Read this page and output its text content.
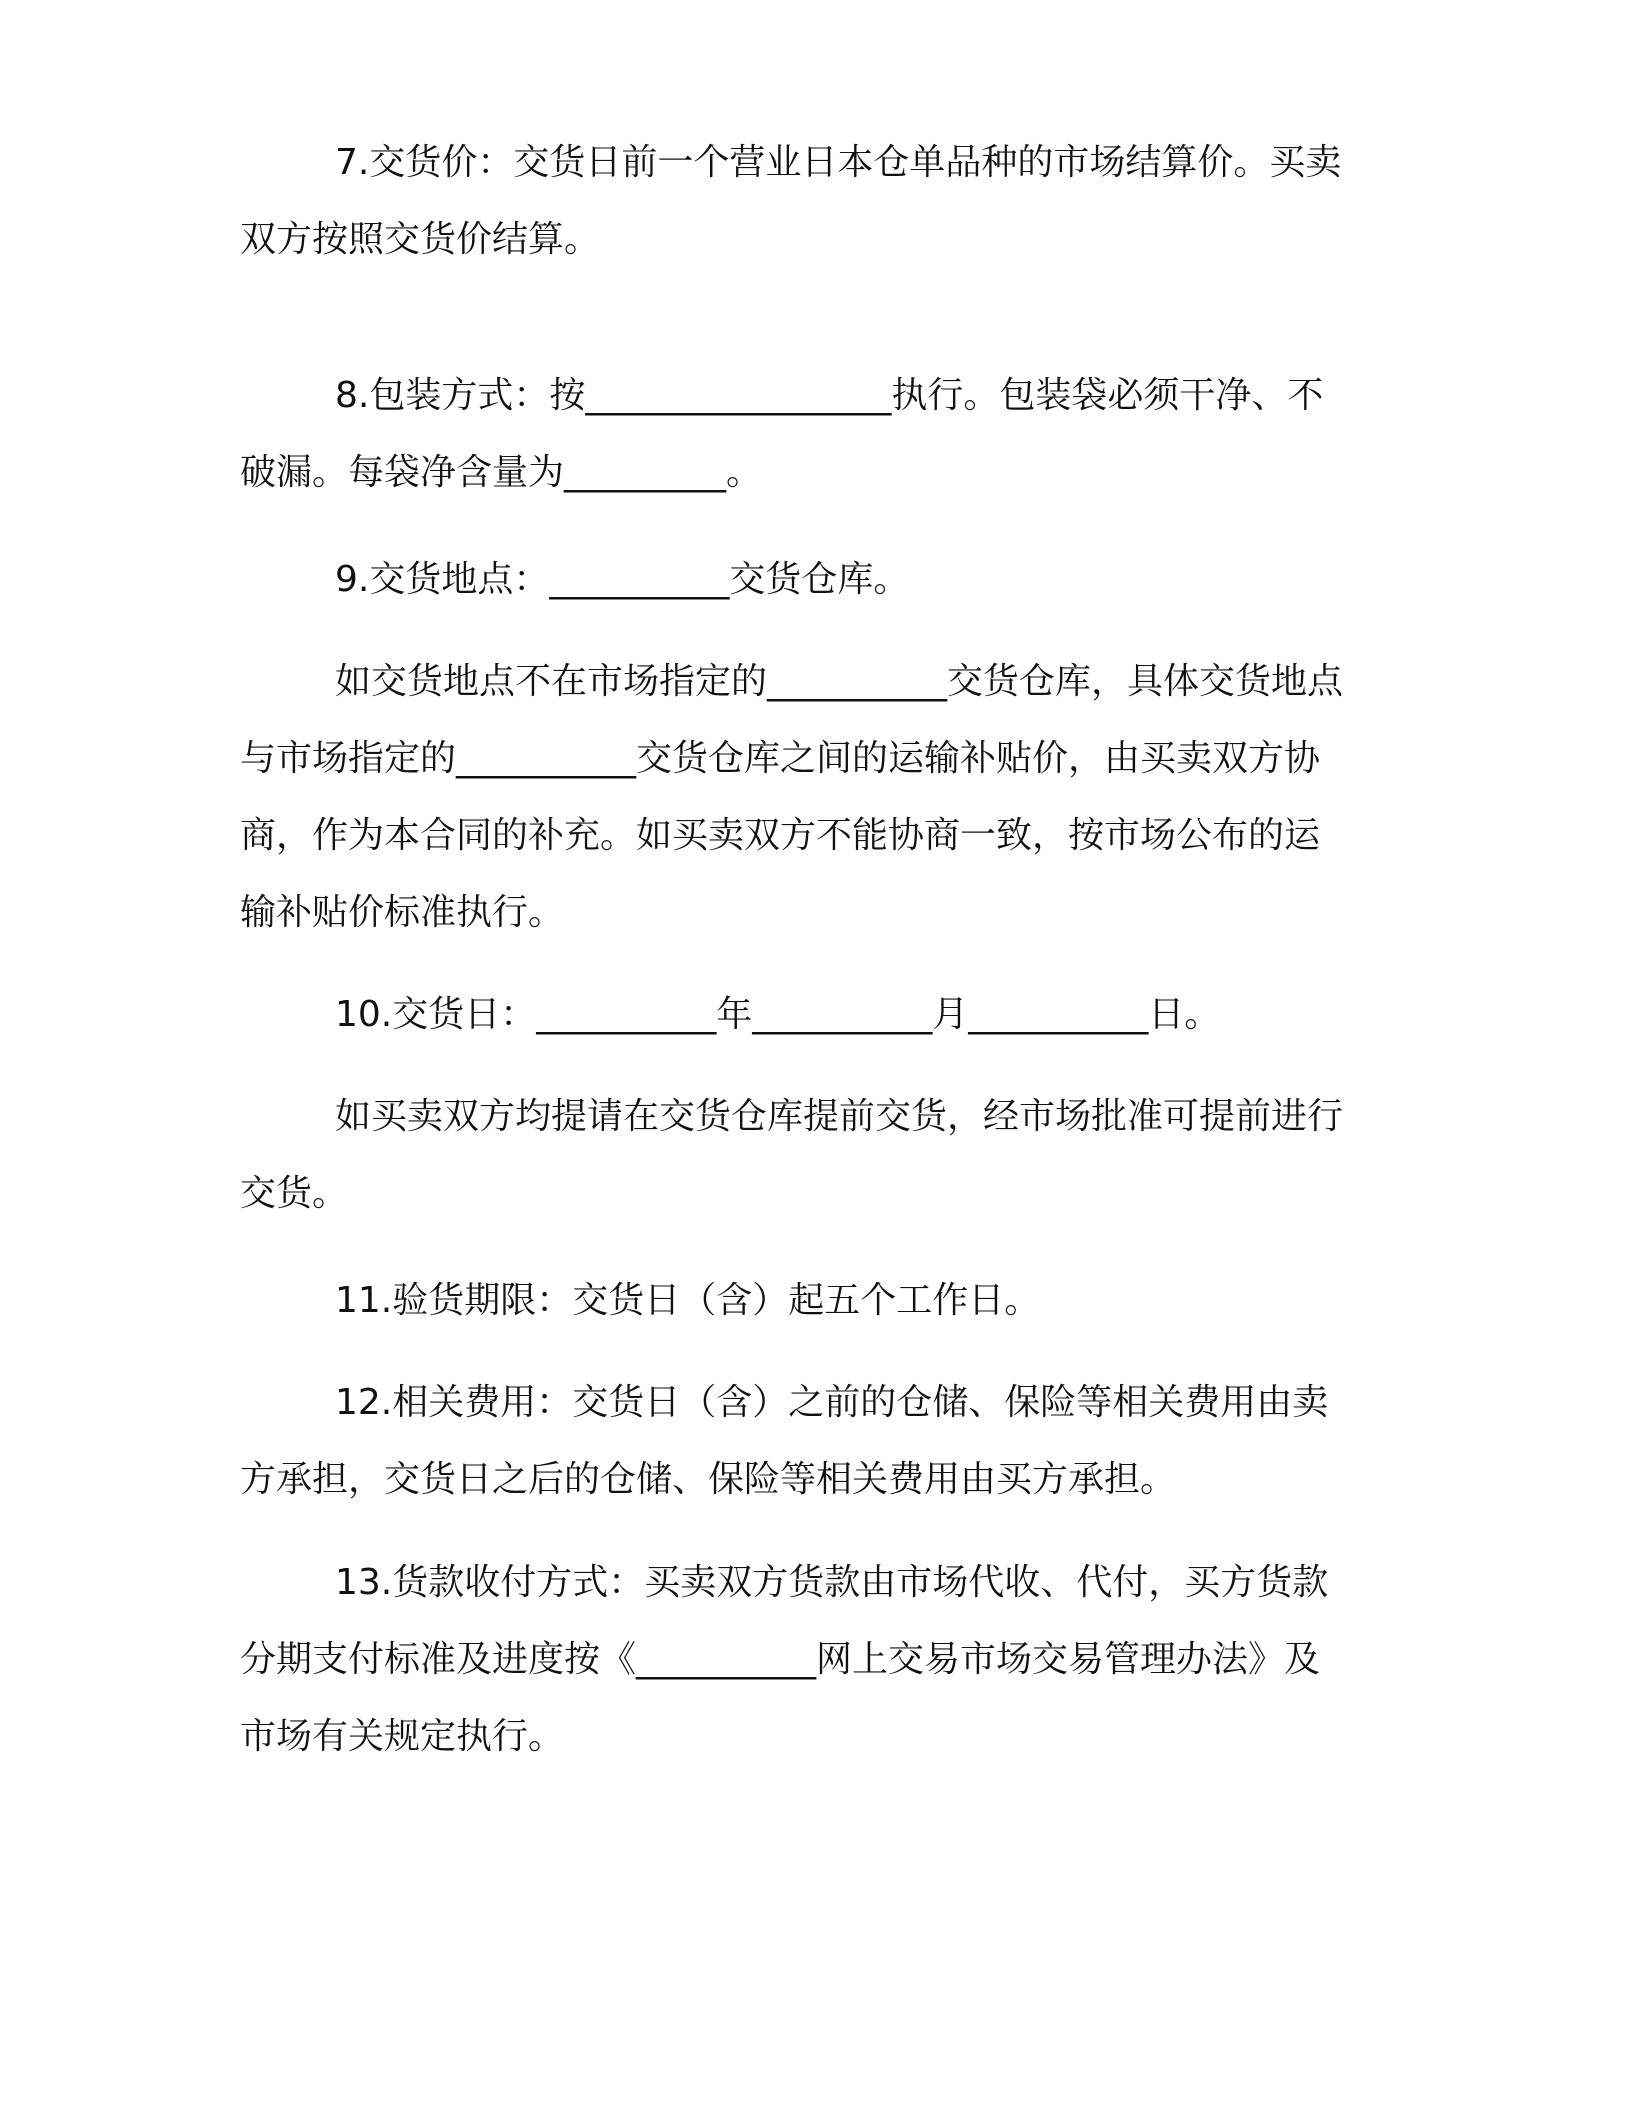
7.交货价：交货日前一个营业日本仓单品种的市场结算价。买卖
双方按照交货价结算。

8.包装方式：按_________________执行。包装袋必须干净、不
破漏。每袋净含量为_________。

9.交货地点：__________交货仓库。

如交货地点不在市场指定的__________交货仓库，具体交货地点
与市场指定的__________交货仓库之间的运输补贴价，由买卖双方协
商，作为本合同的补充。如买卖双方不能协商一致，按市场公布的运
输补贴价标准执行。

10.交货日：__________年__________月__________日。

如买卖双方均提请在交货仓库提前交货，经市场批准可提前进行
交货。

11.验货期限：交货日（含）起五个工作日。

12.相关费用：交货日（含）之前的仓储、保险等相关费用由卖
方承担，交货日之后的仓储、保险等相关费用由买方承担。

13.货款收付方式：买卖双方货款由市场代收、代付，买方货款
分期支付标准及进度按《__________网上交易市场交易管理办法》及
市场有关规定执行。
